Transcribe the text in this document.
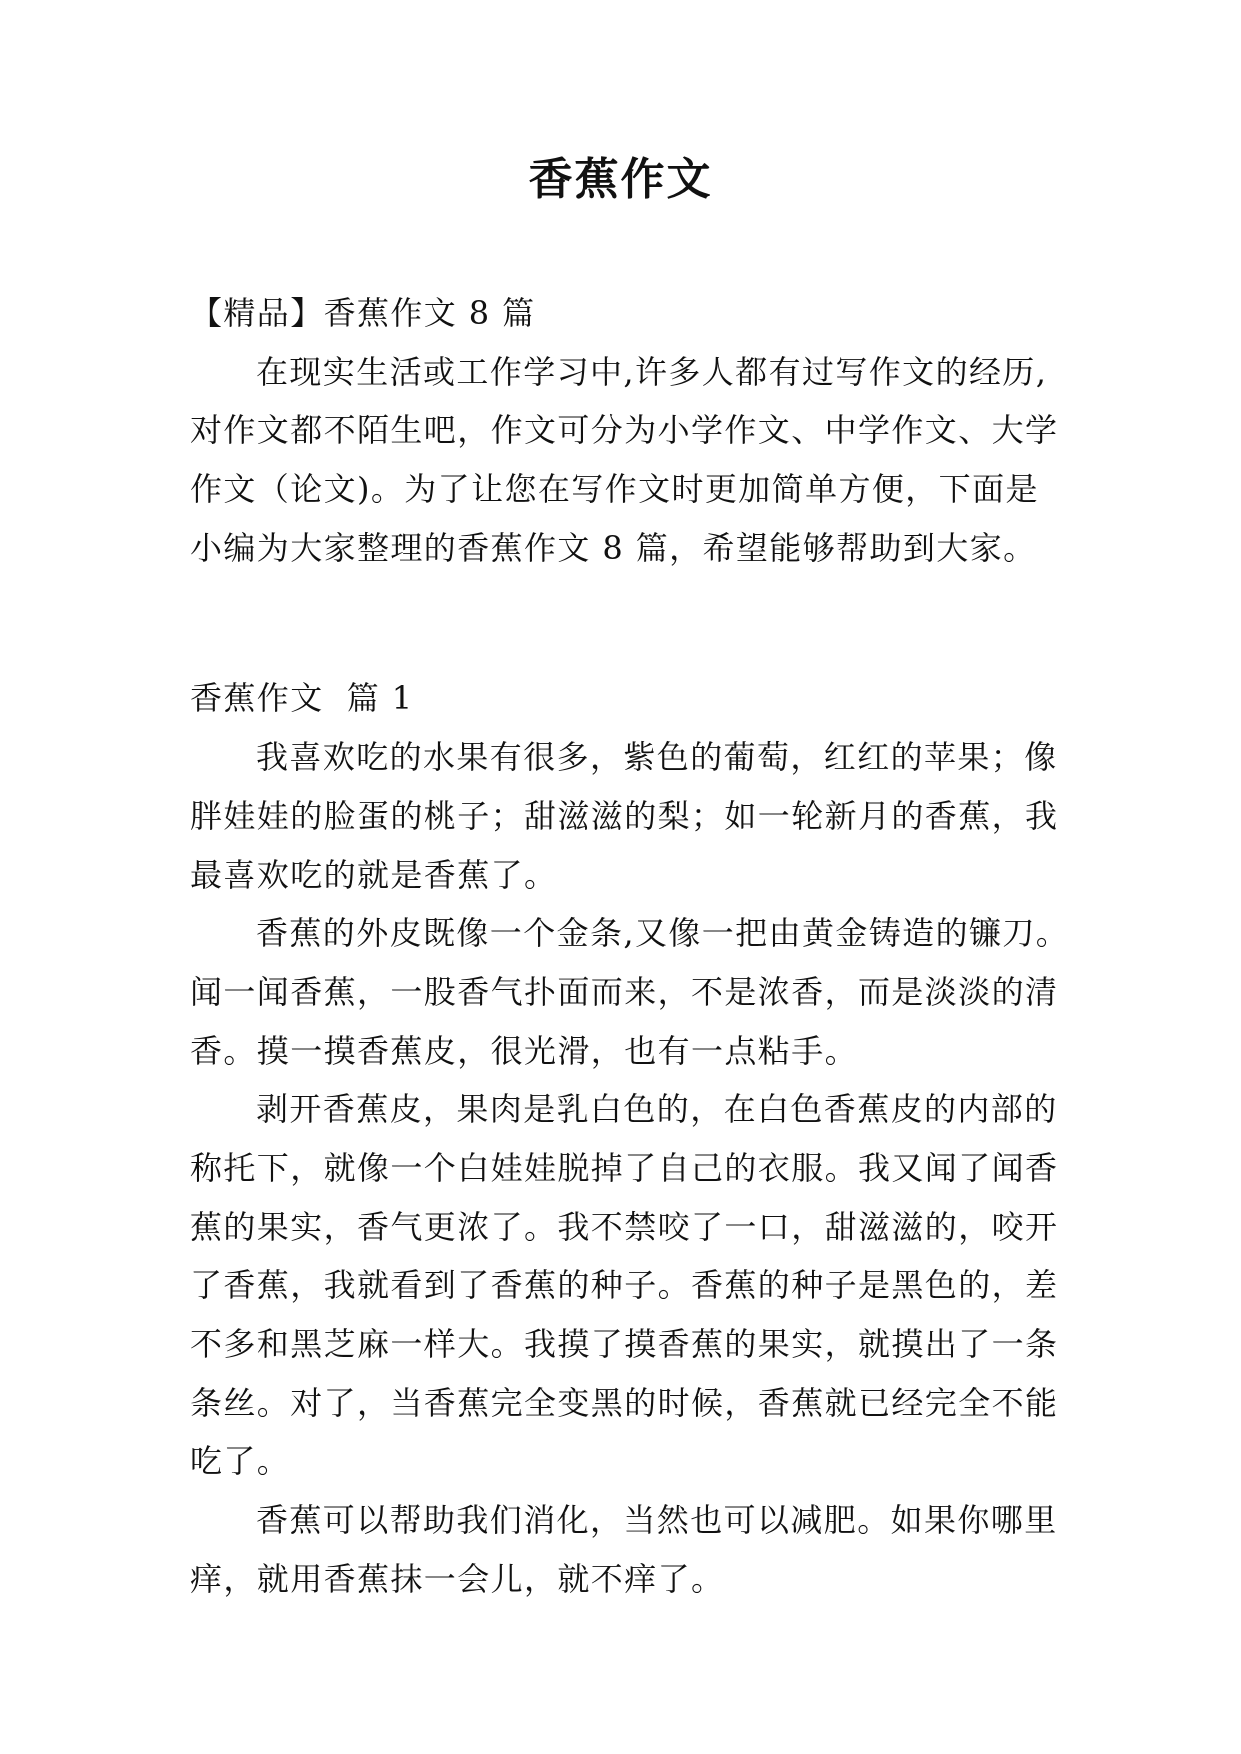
香蕉作文
【精品】香蕉作文 8 篇
在现实生活或工作学习中,许多人都有过写作文的经历,
对作文都不陌生吧，作文可分为小学作文、中学作文、大学
作文（论文)。为了让您在写作文时更加简单方便，下面是
小编为大家整理的香蕉作文 8 篇，希望能够帮助到大家。
香蕉作文  篇 1
我喜欢吃的水果有很多，紫色的葡萄，红红的苹果；像
胖娃娃的脸蛋的桃子；甜滋滋的梨；如一轮新月的香蕉，我
最喜欢吃的就是香蕉了。
香蕉的外皮既像一个金条,又像一把由黄金铸造的镰刀。
闻一闻香蕉，一股香气扑面而来，不是浓香，而是淡淡的清
香。摸一摸香蕉皮，很光滑，也有一点粘手。
剥开香蕉皮，果肉是乳白色的，在白色香蕉皮的内部的
称托下，就像一个白娃娃脱掉了自己的衣服。我又闻了闻香
蕉的果实，香气更浓了。我不禁咬了一口，甜滋滋的，咬开
了香蕉，我就看到了香蕉的种子。香蕉的种子是黑色的，差
不多和黑芝麻一样大。我摸了摸香蕉的果实，就摸出了一条
条丝。对了，当香蕉完全变黑的时候，香蕉就已经完全不能
吃了。
香蕉可以帮助我们消化，当然也可以减肥。如果你哪里
痒，就用香蕉抹一会儿，就不痒了。
